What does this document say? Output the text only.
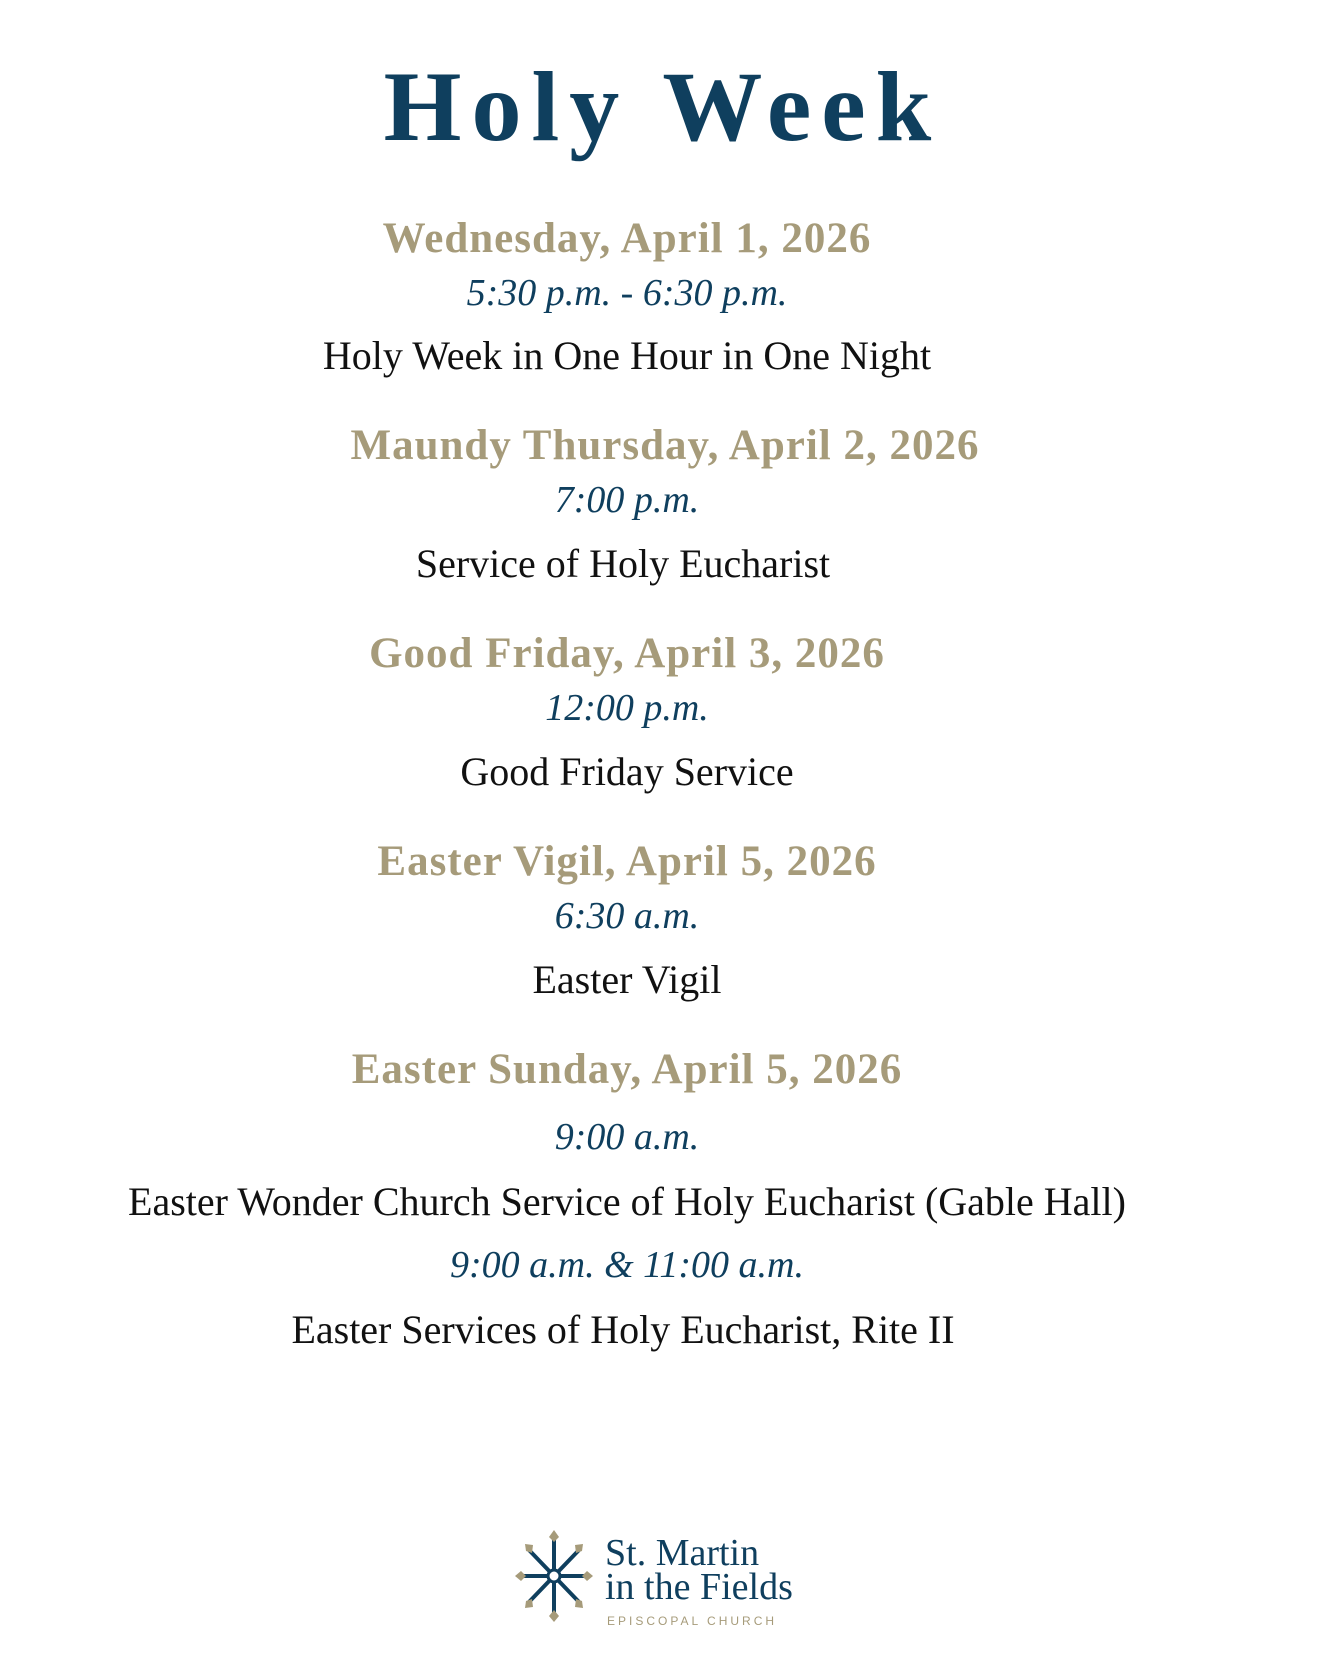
Holy Week
Wednesday, April 1, 2026
5:30 p.m. - 6:30 p.m.
Holy Week in One Hour in One Night
Maundy Thursday, April 2, 2026
7:00 p.m.
Service of Holy Eucharist
Good Friday, April 3, 2026
12:00 p.m.
Good Friday Service
Easter Vigil, April 5, 2026
6:30 a.m.
Easter Vigil
Easter Sunday, April 5, 2026
9:00 a.m.
Easter Wonder Church Service of Holy Eucharist (Gable Hall)
9:00 a.m. & 11:00 a.m.
Easter Services of Holy Eucharist, Rite II
St. Martin
in the Fields
EPISCOPAL CHURCH
